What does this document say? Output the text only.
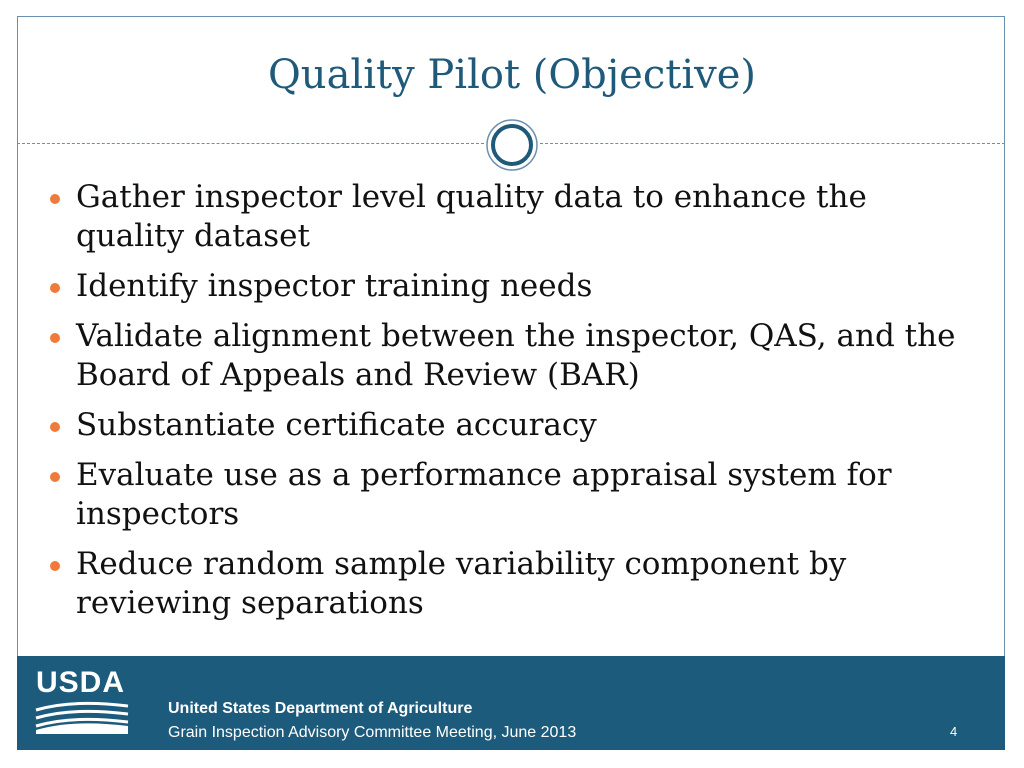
Quality Pilot (Objective)
Gather inspector level quality data to enhance the quality dataset
Identify inspector training needs
Validate alignment between the inspector, QAS, and the Board of Appeals and Review (BAR)
Substantiate certificate accuracy
Evaluate use as a performance appraisal system for inspectors
Reduce random sample variability component by reviewing separations
USDA
United States Department of Agriculture
Grain Inspection Advisory Committee Meeting, June 2013	4
